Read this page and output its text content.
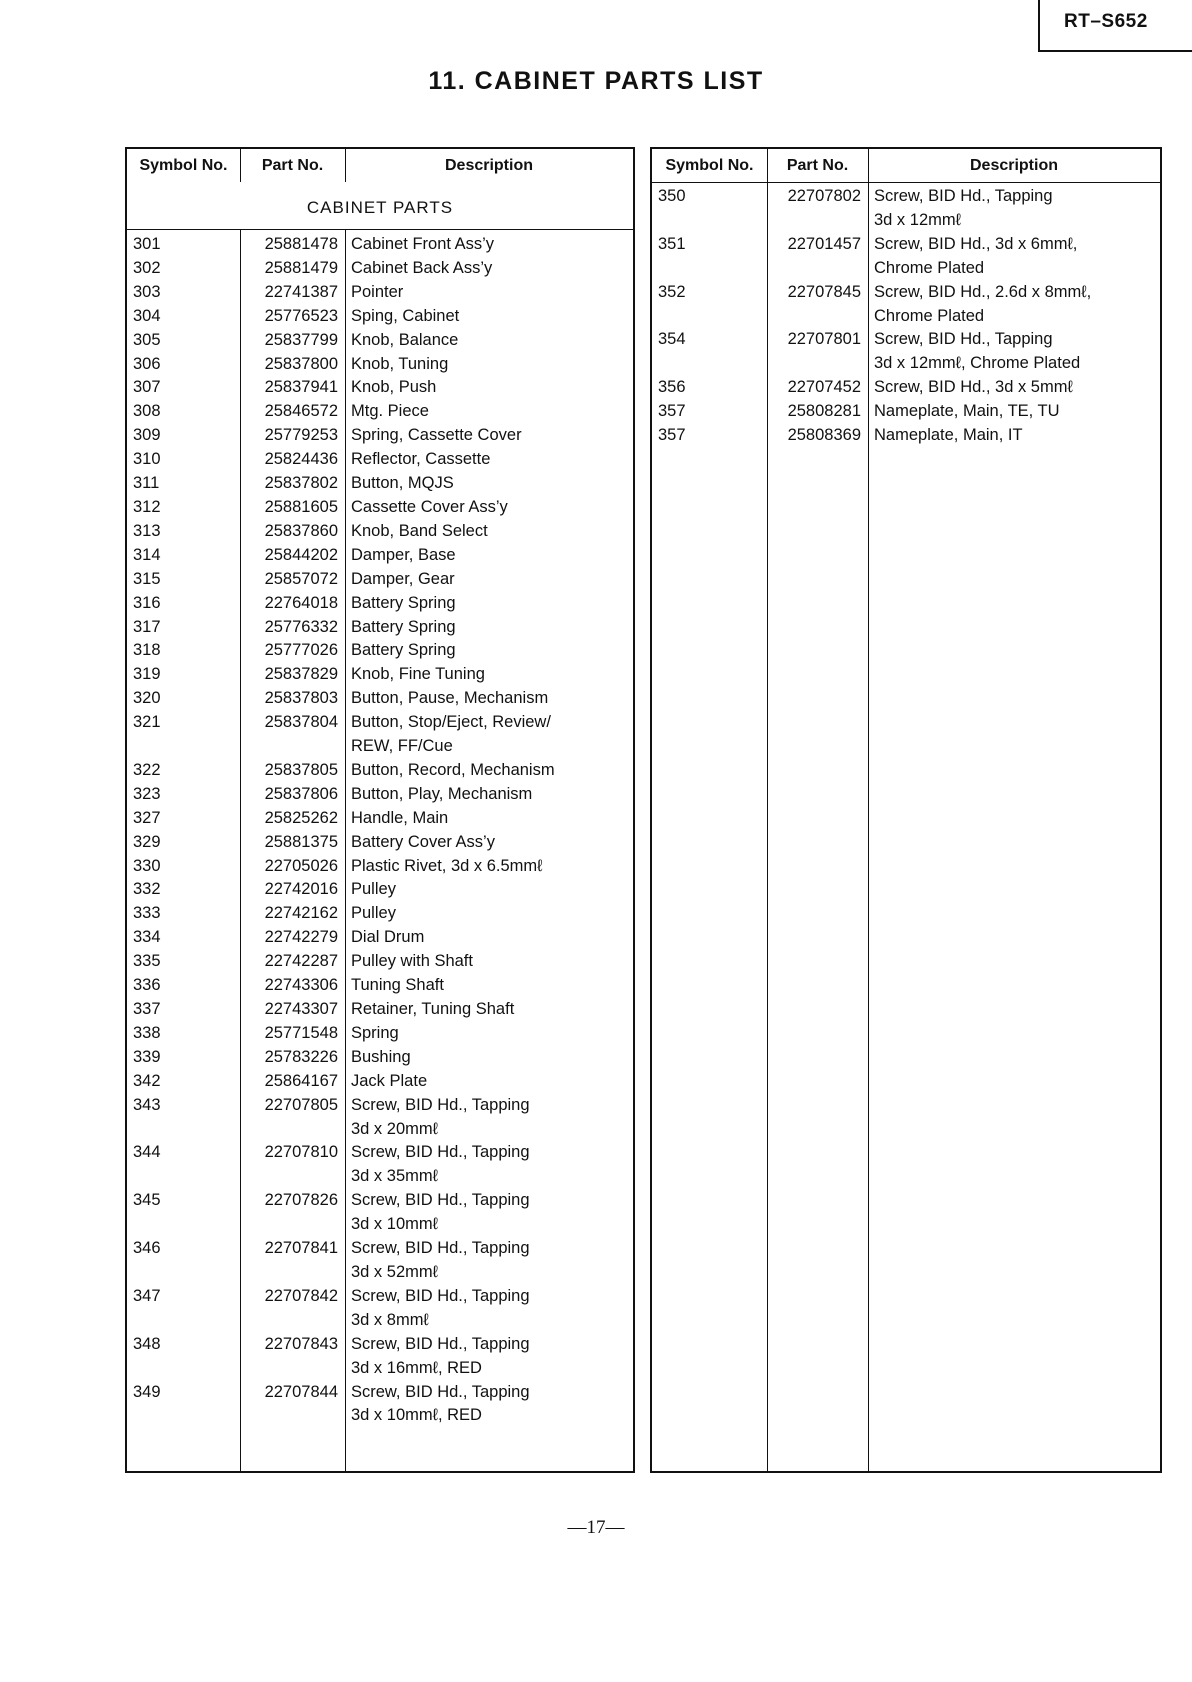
RT–S652
11. CABINET PARTS LIST
Symbol No.	Part No.	Description
CABINET PARTS
301	25881478 Cabinet Front Ass’y
302	25881479 Cabinet Back Ass’y
303	22741387 Pointer
304	25776523 Sping, Cabinet
305	25837799 Knob, Balance
306	25837800 Knob, Tuning
307	25837941 Knob, Push
308	25846572 Mtg. Piece
309	25779253 Spring, Cassette Cover
310	25824436 Reflector, Cassette
311	25837802 Button, MQJS
312	25881605 Cassette Cover Ass’y
313	25837860 Knob, Band Select
314	25844202 Damper, Base
315	25857072 Damper, Gear
316	22764018 Battery Spring
317	25776332 Battery Spring
318	25777026 Battery Spring
319	25837829 Knob, Fine Tuning
320	25837803 Button, Pause, Mechanism
321	25837804 Button, Stop/Eject, Review/
REW, FF/Cue
322	25837805 Button, Record, Mechanism
323	25837806 Button, Play, Mechanism
327	25825262 Handle, Main
329	25881375 Battery Cover Ass’y
330	22705026 Plastic Rivet, 3d x 6.5mmℓ
332	22742016 Pulley
333	22742162 Pulley
334	22742279 Dial Drum
335	22742287 Pulley with Shaft
336	22743306 Tuning Shaft
337	22743307 Retainer, Tuning Shaft
338	25771548 Spring
339	25783226 Bushing
342	25864167 Jack Plate
343	22707805 Screw, BID Hd., Tapping
3d x 20mmℓ
344	22707810 Screw, BID Hd., Tapping
3d x 35mmℓ
345	22707826 Screw, BID Hd., Tapping
3d x 10mmℓ
346	22707841 Screw, BID Hd., Tapping
3d x 52mmℓ
347	22707842 Screw, BID Hd., Tapping
3d x 8mmℓ
348	22707843 Screw, BID Hd., Tapping
3d x 16mmℓ, RED
349	22707844 Screw, BID Hd., Tapping
3d x 10mmℓ, RED
Symbol No.	Part No.	Description
350	22707802 Screw, BID Hd., Tapping
3d x 12mmℓ
351	22701457 Screw, BID Hd., 3d x 6mmℓ,
Chrome Plated
352	22707845 Screw, BID Hd., 2.6d x 8mmℓ,
Chrome Plated
354	22707801 Screw, BID Hd., Tapping
3d x 12mmℓ, Chrome Plated
356	22707452 Screw, BID Hd., 3d x 5mmℓ
357	25808281 Nameplate, Main, TE, TU
357	25808369 Nameplate, Main, IT
—17—
